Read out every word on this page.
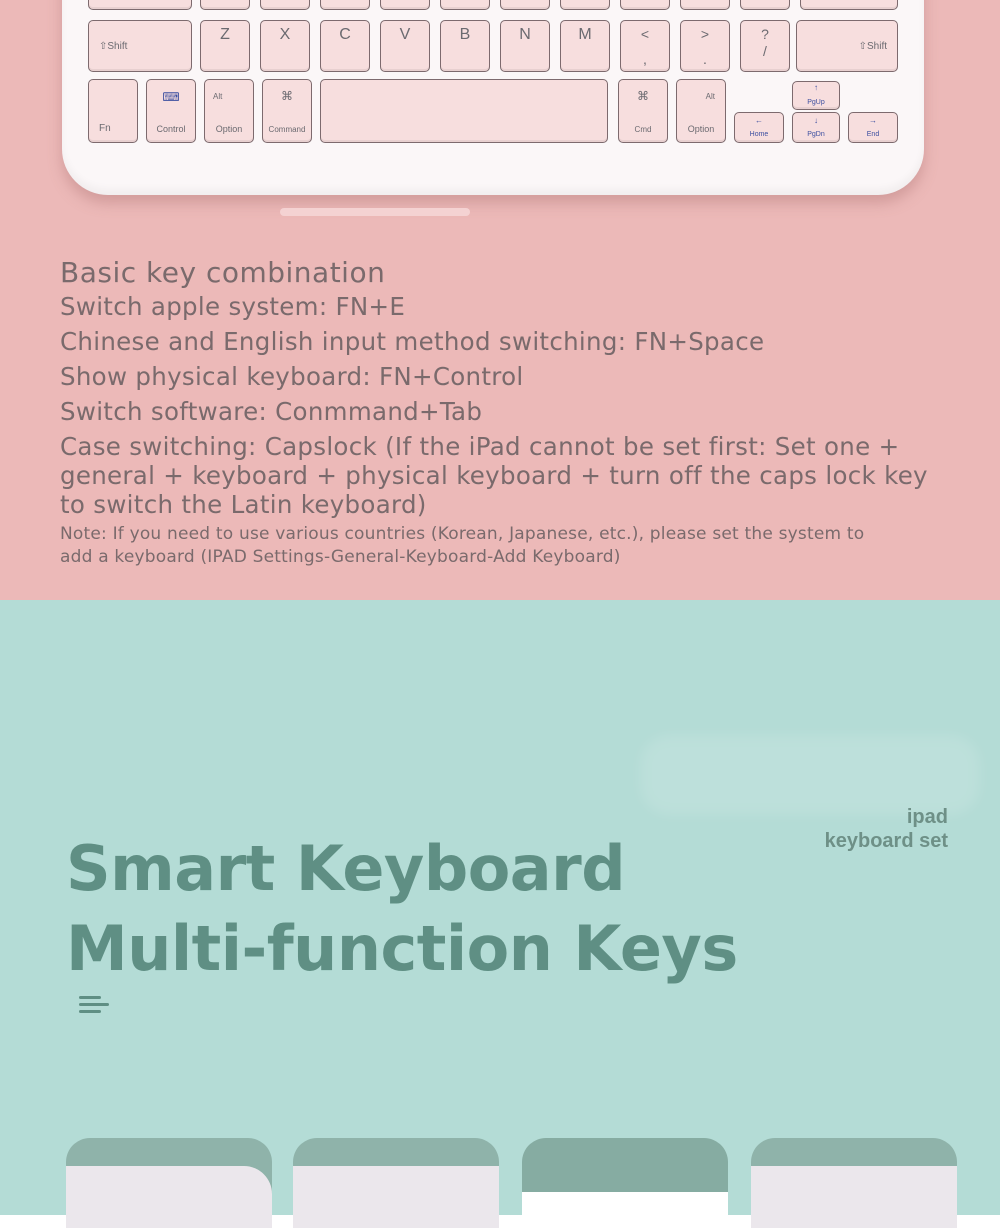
⇧Shift
Z	X	C	V	B	N	M	<
,
>
.
?
/	⇧Shift
Fn
⌨
Control
Alt
Option
⌘
Command
⌘
Cmd
Alt
Option
←
Home
↑
PgUp
↓
PgDn
→
End
Basic key combination
Switch apple system: FN+E
Chinese and English input method switching: FN+Space
Show physical keyboard: FN+Control
Switch software: Conmmand+Tab
Case switching: Capslock (If the iPad cannot be set first: Set one +
general + keyboard + physical keyboard + turn off the caps lock key
to switch the Latin keyboard)
Note: If you need to use various countries (Korean, Japanese, etc.), please set the system to
add a keyboard (IPAD Settings-General-Keyboard-Add Keyboard)
ipad
keyboard set
Smart Keyboard
Multi-function Keys
